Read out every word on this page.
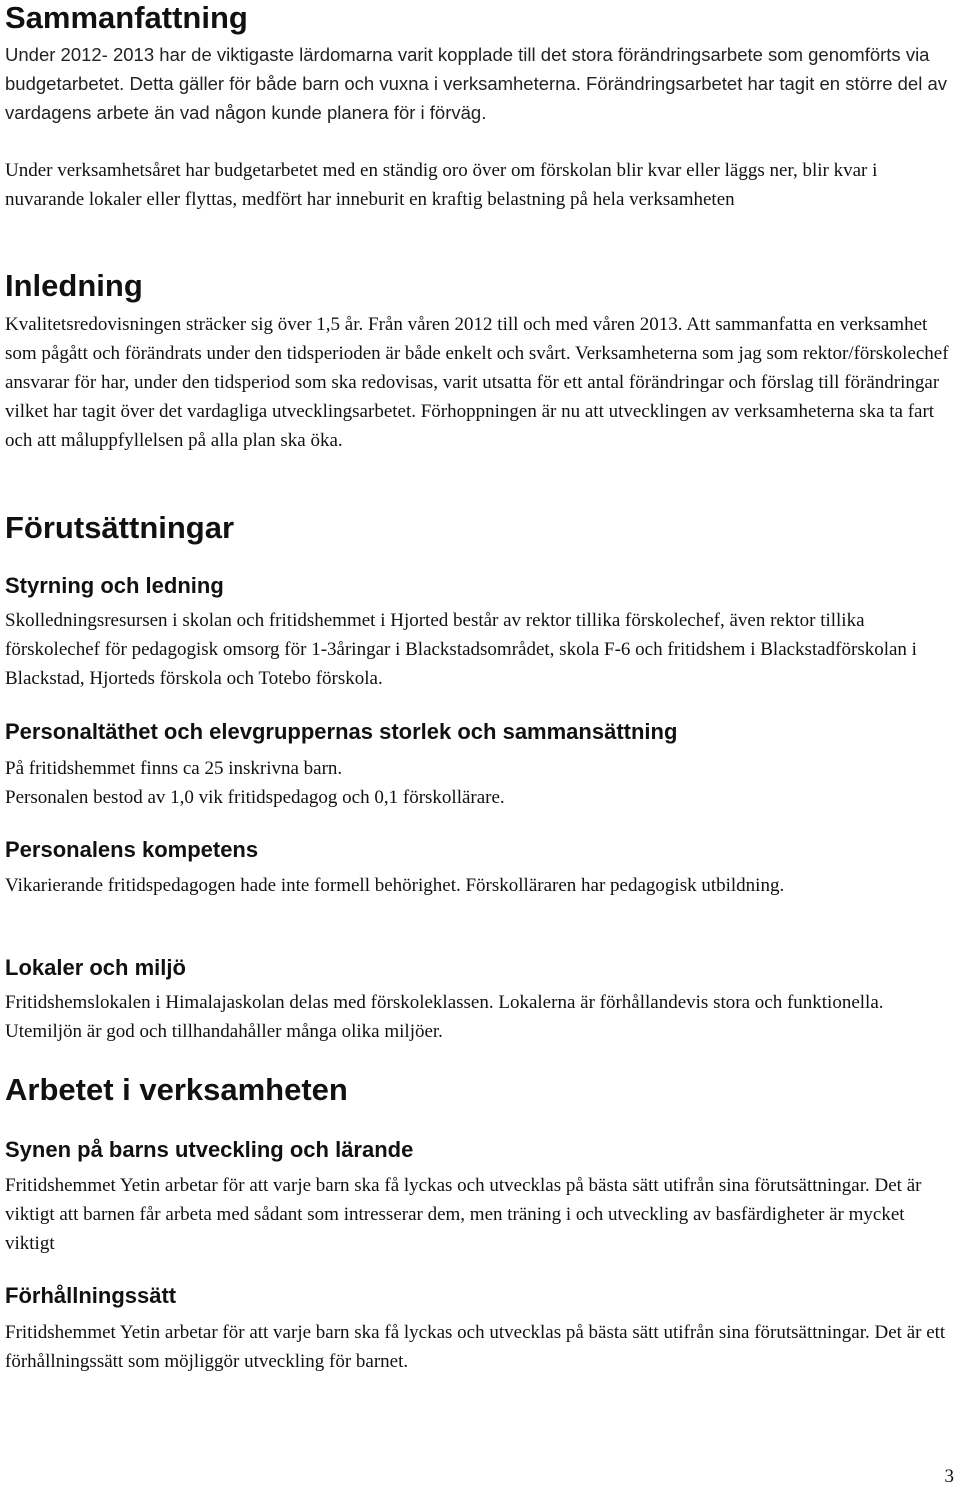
Sammanfattning

Under 2012- 2013 har de viktigaste lärdomarna varit kopplade till det stora förändringsarbete som genomförts via budgetarbetet. Detta gäller för både barn och vuxna i verksamheterna. Förändringsarbetet har tagit en större del av vardagens arbete än vad någon kunde planera för i förväg.

Under verksamhetsåret har budgetarbetet med en ständig oro över om förskolan blir kvar eller läggs ner, blir kvar i nuvarande lokaler eller flyttas, medfört har inneburit en kraftig belastning på hela verksamheten

Inledning

Kvalitetsredovisningen sträcker sig över 1,5 år. Från våren 2012 till och med våren 2013. Att sammanfatta en verksamhet som pågått och förändrats under den tidsperioden är både enkelt och svårt. Verksamheterna som jag som rektor/förskolechef ansvarar för har, under den tidsperiod som ska redovisas, varit utsatta för ett antal förändringar och förslag till förändringar vilket har tagit över det vardagliga utvecklingsarbetet. Förhoppningen är nu att utvecklingen av verksamheterna ska ta fart och att måluppfyllelsen på alla plan ska öka.

Förutsättningar
Styrning och ledning

Skolledningsresursen i skolan och fritidshemmet i Hjorted består av rektor tillika förskolechef, även rektor tillika förskolechef för pedagogisk omsorg för 1-3åringar i Blackstadsområdet, skola F-6 och fritidshem i Blackstadförskolan i Blackstad, Hjorteds förskola och Totebo förskola.

Personaltäthet och elevgruppernas storlek och sammansättning

På fritidshemmet finns ca 25 inskrivna barn.

Personalen bestod av 1,0 vik fritidspedagog och 0,1 förskollärare.

Personalens kompetens

Vikarierande fritidspedagogen hade inte formell behörighet. Förskolläraren har pedagogisk utbildning.

Lokaler och miljö

Fritidshemslokalen i Himalajaskolan delas med förskoleklassen. Lokalerna är förhållandevis stora och funktionella. Utemiljön är god och tillhandahåller många olika miljöer.

Arbetet i verksamheten
Synen på barns utveckling och lärande

Fritidshemmet Yetin arbetar för att varje barn ska få lyckas och utvecklas på bästa sätt utifrån sina förutsättningar. Det är viktigt att barnen får arbeta med sådant som intresserar dem, men träning i och utveckling av basfärdigheter är mycket viktigt

Förhållningssätt

Fritidshemmet Yetin arbetar för att varje barn ska få lyckas och utvecklas på bästa sätt utifrån sina förutsättningar. Det är ett förhållningssätt som möjliggör utveckling för barnet.

3
